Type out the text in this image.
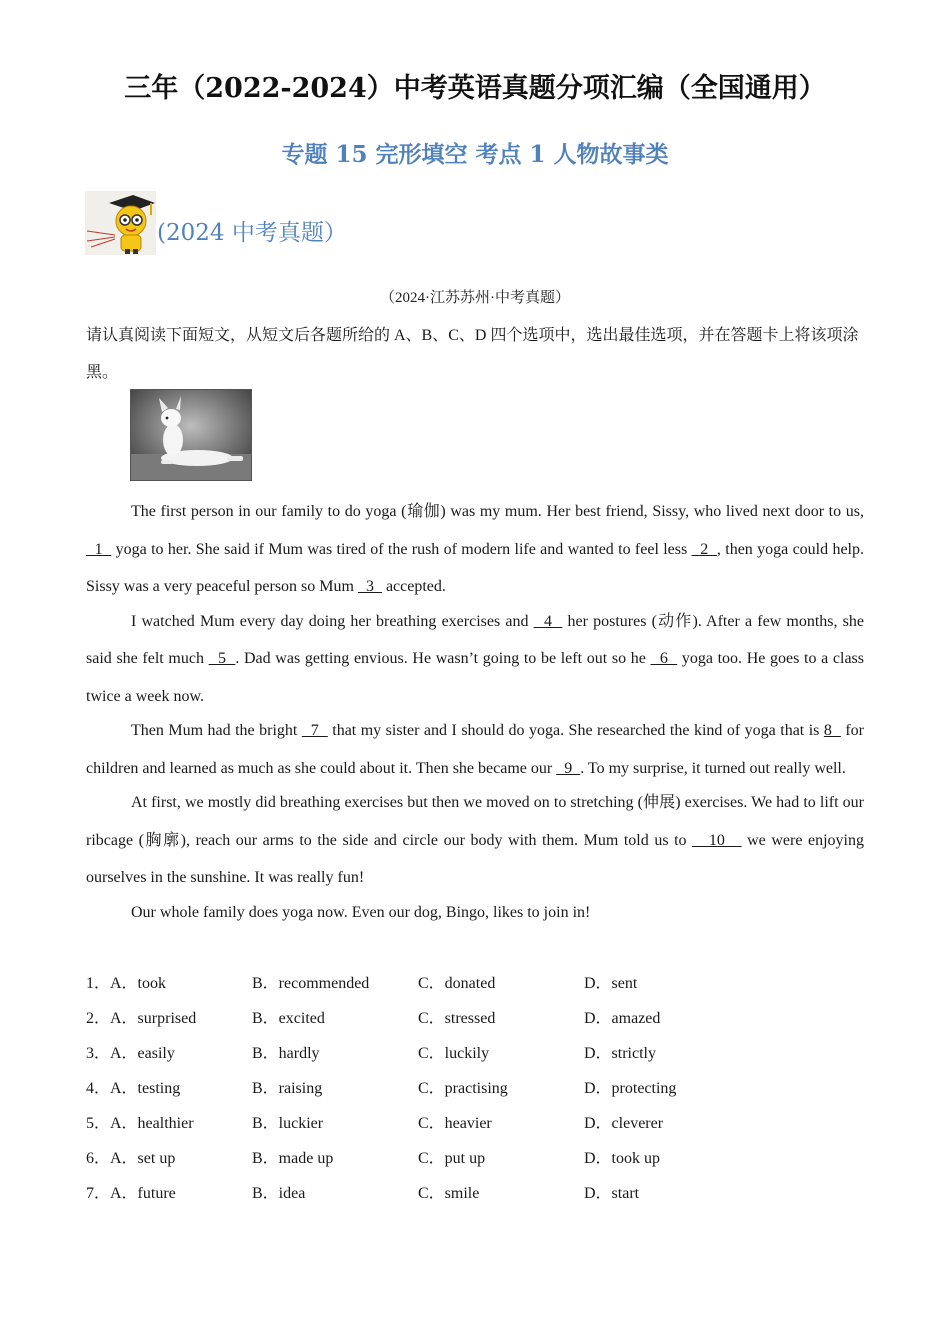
三年（2022-2024）中考英语真题分项汇编（全国通用）
专题 15 完形填空 考点 1 人物故事类
(2024 中考真题）
（2024·江苏苏州·中考真题）
请认真阅读下面短文，从短文后各题所给的 A、B、C、D 四个选项中，选出最佳选项，并在答题卡上将该项涂黑。

The first person in our family to do yoga (瑜伽) was my mum. Her best friend, Sissy, who lived next door to us,   1   yoga to her. She said if Mum was tired of the rush of modern life and wanted to feel less   2  , then yoga could help. Sissy was a very peaceful person so Mum   3   accepted.

I watched Mum every day doing her breathing exercises and   4   her postures (动作). After a few months, she said she felt much   5  . Dad was getting envious. He wasn’t going to be left out so he   6   yoga too. He goes to a class twice a week now.

Then Mum had the bright   7   that my sister and I should do yoga. She researched the kind of yoga that is 8   for children and learned as much as she could about it. Then she became our   9  . To my surprise, it turned out really well.

At first, we mostly did breathing exercises but then we moved on to stretching (伸展) exercises. We had to lift our ribcage (胸廓), reach our arms to the side and circle our body with them. Mum told us to    10    we were enjoying ourselves in the sunshine. It was really fun!

Our whole family does yoga now. Even our dog, Bingo, likes to join in!

1．A．took	B．recommended	C．donated	D．sent
2．A．surprised	B．excited	C．stressed	D．amazed
3．A．easily	B．hardly	C．luckily	D．strictly
4．A．testing	B．raising	C．practising	D．protecting
5．A．healthier	B．luckier	C．heavier	D．cleverer
6．A．set up	B．made up	C．put up	D．took up
7．A．future	B．idea	C．smile	D．start
